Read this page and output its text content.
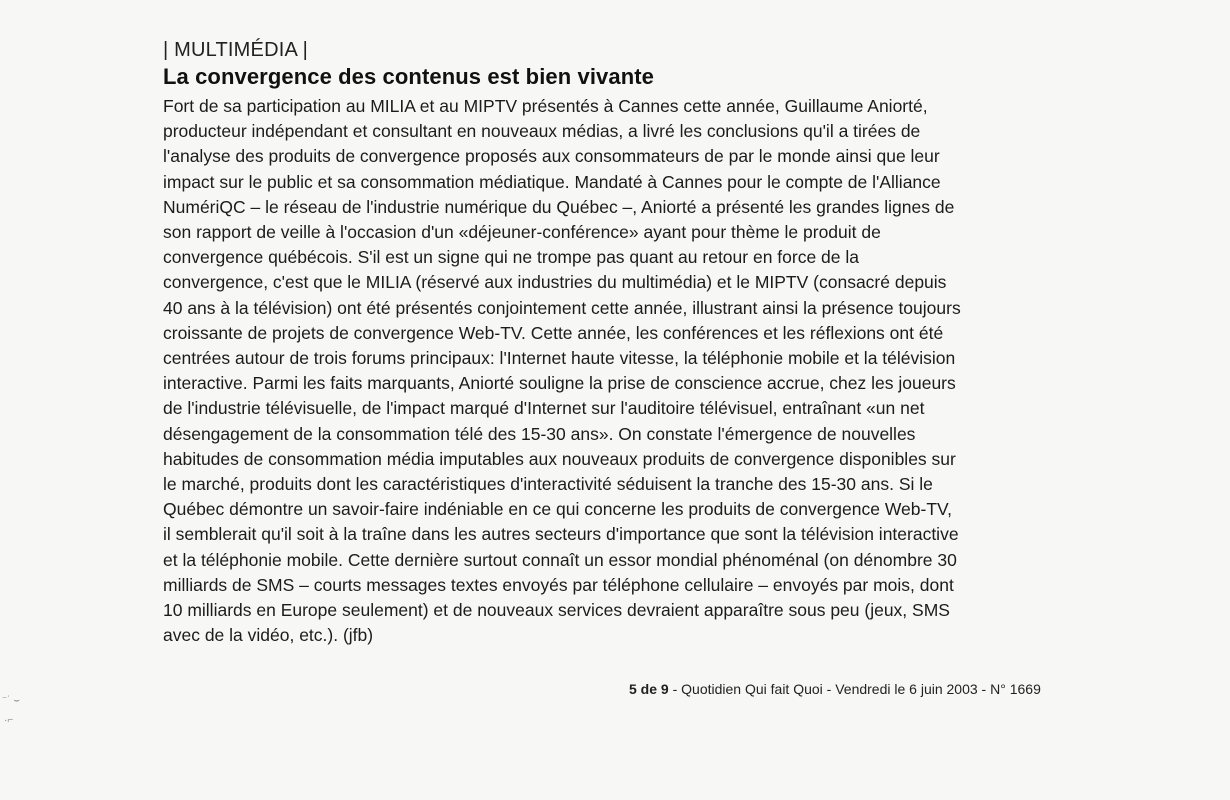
| MULTIMÉDIA |
La convergence des contenus est bien vivante
Fort de sa participation au MILIA et au MIPTV présentés à Cannes cette année, Guillaume Aniorté,
producteur indépendant et consultant en nouveaux médias, a livré les conclusions qu'il a tirées de
l'analyse des produits de convergence proposés aux consommateurs de par le monde ainsi que leur
impact sur le public et sa consommation médiatique. Mandaté à Cannes pour le compte de l'Alliance
NumériQC – le réseau de l'industrie numérique du Québec –, Aniorté a présenté les grandes lignes de
son rapport de veille à l'occasion d'un «déjeuner-conférence» ayant pour thème le produit de
convergence québécois. S'il est un signe qui ne trompe pas quant au retour en force de la
convergence, c'est que le MILIA (réservé aux industries du multimédia) et le MIPTV (consacré depuis
40 ans à la télévision) ont été présentés conjointement cette année, illustrant ainsi la présence toujours
croissante de projets de convergence Web-TV. Cette année, les conférences et les réflexions ont été
centrées autour de trois forums principaux: l'Internet haute vitesse, la téléphonie mobile et la télévision
interactive. Parmi les faits marquants, Aniorté souligne la prise de conscience accrue, chez les joueurs
de l'industrie télévisuelle, de l'impact marqué d'Internet sur l'auditoire télévisuel, entraînant «un net
désengagement de la consommation télé des 15-30 ans». On constate l'émergence de nouvelles
habitudes de consommation média imputables aux nouveaux produits de convergence disponibles sur
le marché, produits dont les caractéristiques d'interactivité séduisent la tranche des 15-30 ans. Si le
Québec démontre un savoir-faire indéniable en ce qui concerne les produits de convergence Web-TV,
il semblerait qu'il soit à la traîne dans les autres secteurs d'importance que sont la télévision interactive
et la téléphonie mobile. Cette dernière surtout connaît un essor mondial phénoménal (on dénombre 30
milliards de SMS – courts messages textes envoyés par téléphone cellulaire – envoyés par mois, dont
10 milliards en Europe seulement) et de nouveaux services devraient apparaître sous peu (jeux, SMS
avec de la vidéo, etc.). (jfb)
5 de 9 - Quotidien Qui fait Quoi - Vendredi le 6 juin 2003 - N° 1669
⁻˙ ⌣
·⌐
